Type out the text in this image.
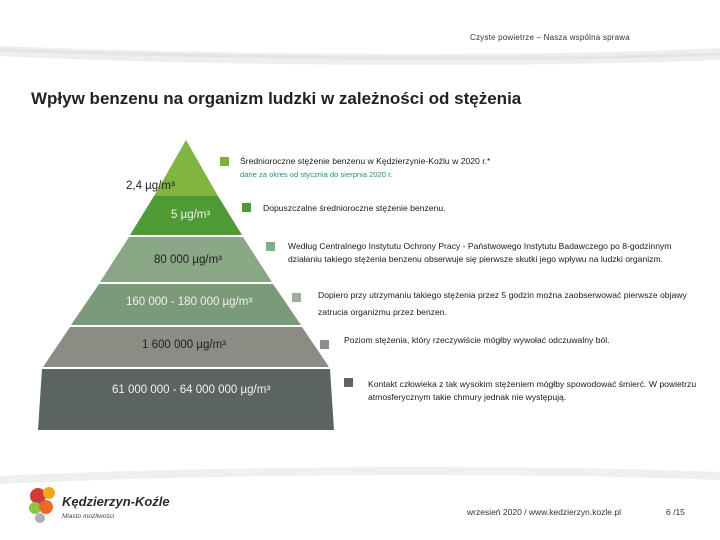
Czyste powietrze – Nasza wspólna sprawa
Wpływ benzenu na organizm ludzki w zależności od stężenia
2,4 µg/m³
5 µg/m³
80 000 µg/m³
160 000 - 180 000 µg/m³
1 600 000 µg/m³
61 000 000 - 64 000 000 µg/m³
Średnioroczne stężenie benzenu w Kędzierzynie-Koźlu w 2020 r.*
dane za okres od stycznia do sierpnia 2020 r.
Dopuszczalne średnioroczne stężenie benzenu.
Według Centralnego Instytutu Ochrony Pracy - Państwowego Instytutu Badawczego po 8-godzinnym działaniu takiego stężenia benzenu obserwuje się pierwsze skutki jego wpływu na ludzki organizm.
Dopiero przy utrzymaniu takiego stężenia przez 5 godzin można zaobserwować pierwsze objawy zatrucia organizmu przez benzen.
Poziom stężenia, który rzeczywiście mógłby wywołać odczuwalny ból.
Kontakt człowieka z tak wysokim stężeniem mógłby spowodować śmierć. W powietrzu atmosferycznym takie chmury jednak nie występują.
Kędzierzyn-Koźle
Miasto możliwości	wrzesień 2020 / www.kedzierzyn.kozle.pl	6 /15
